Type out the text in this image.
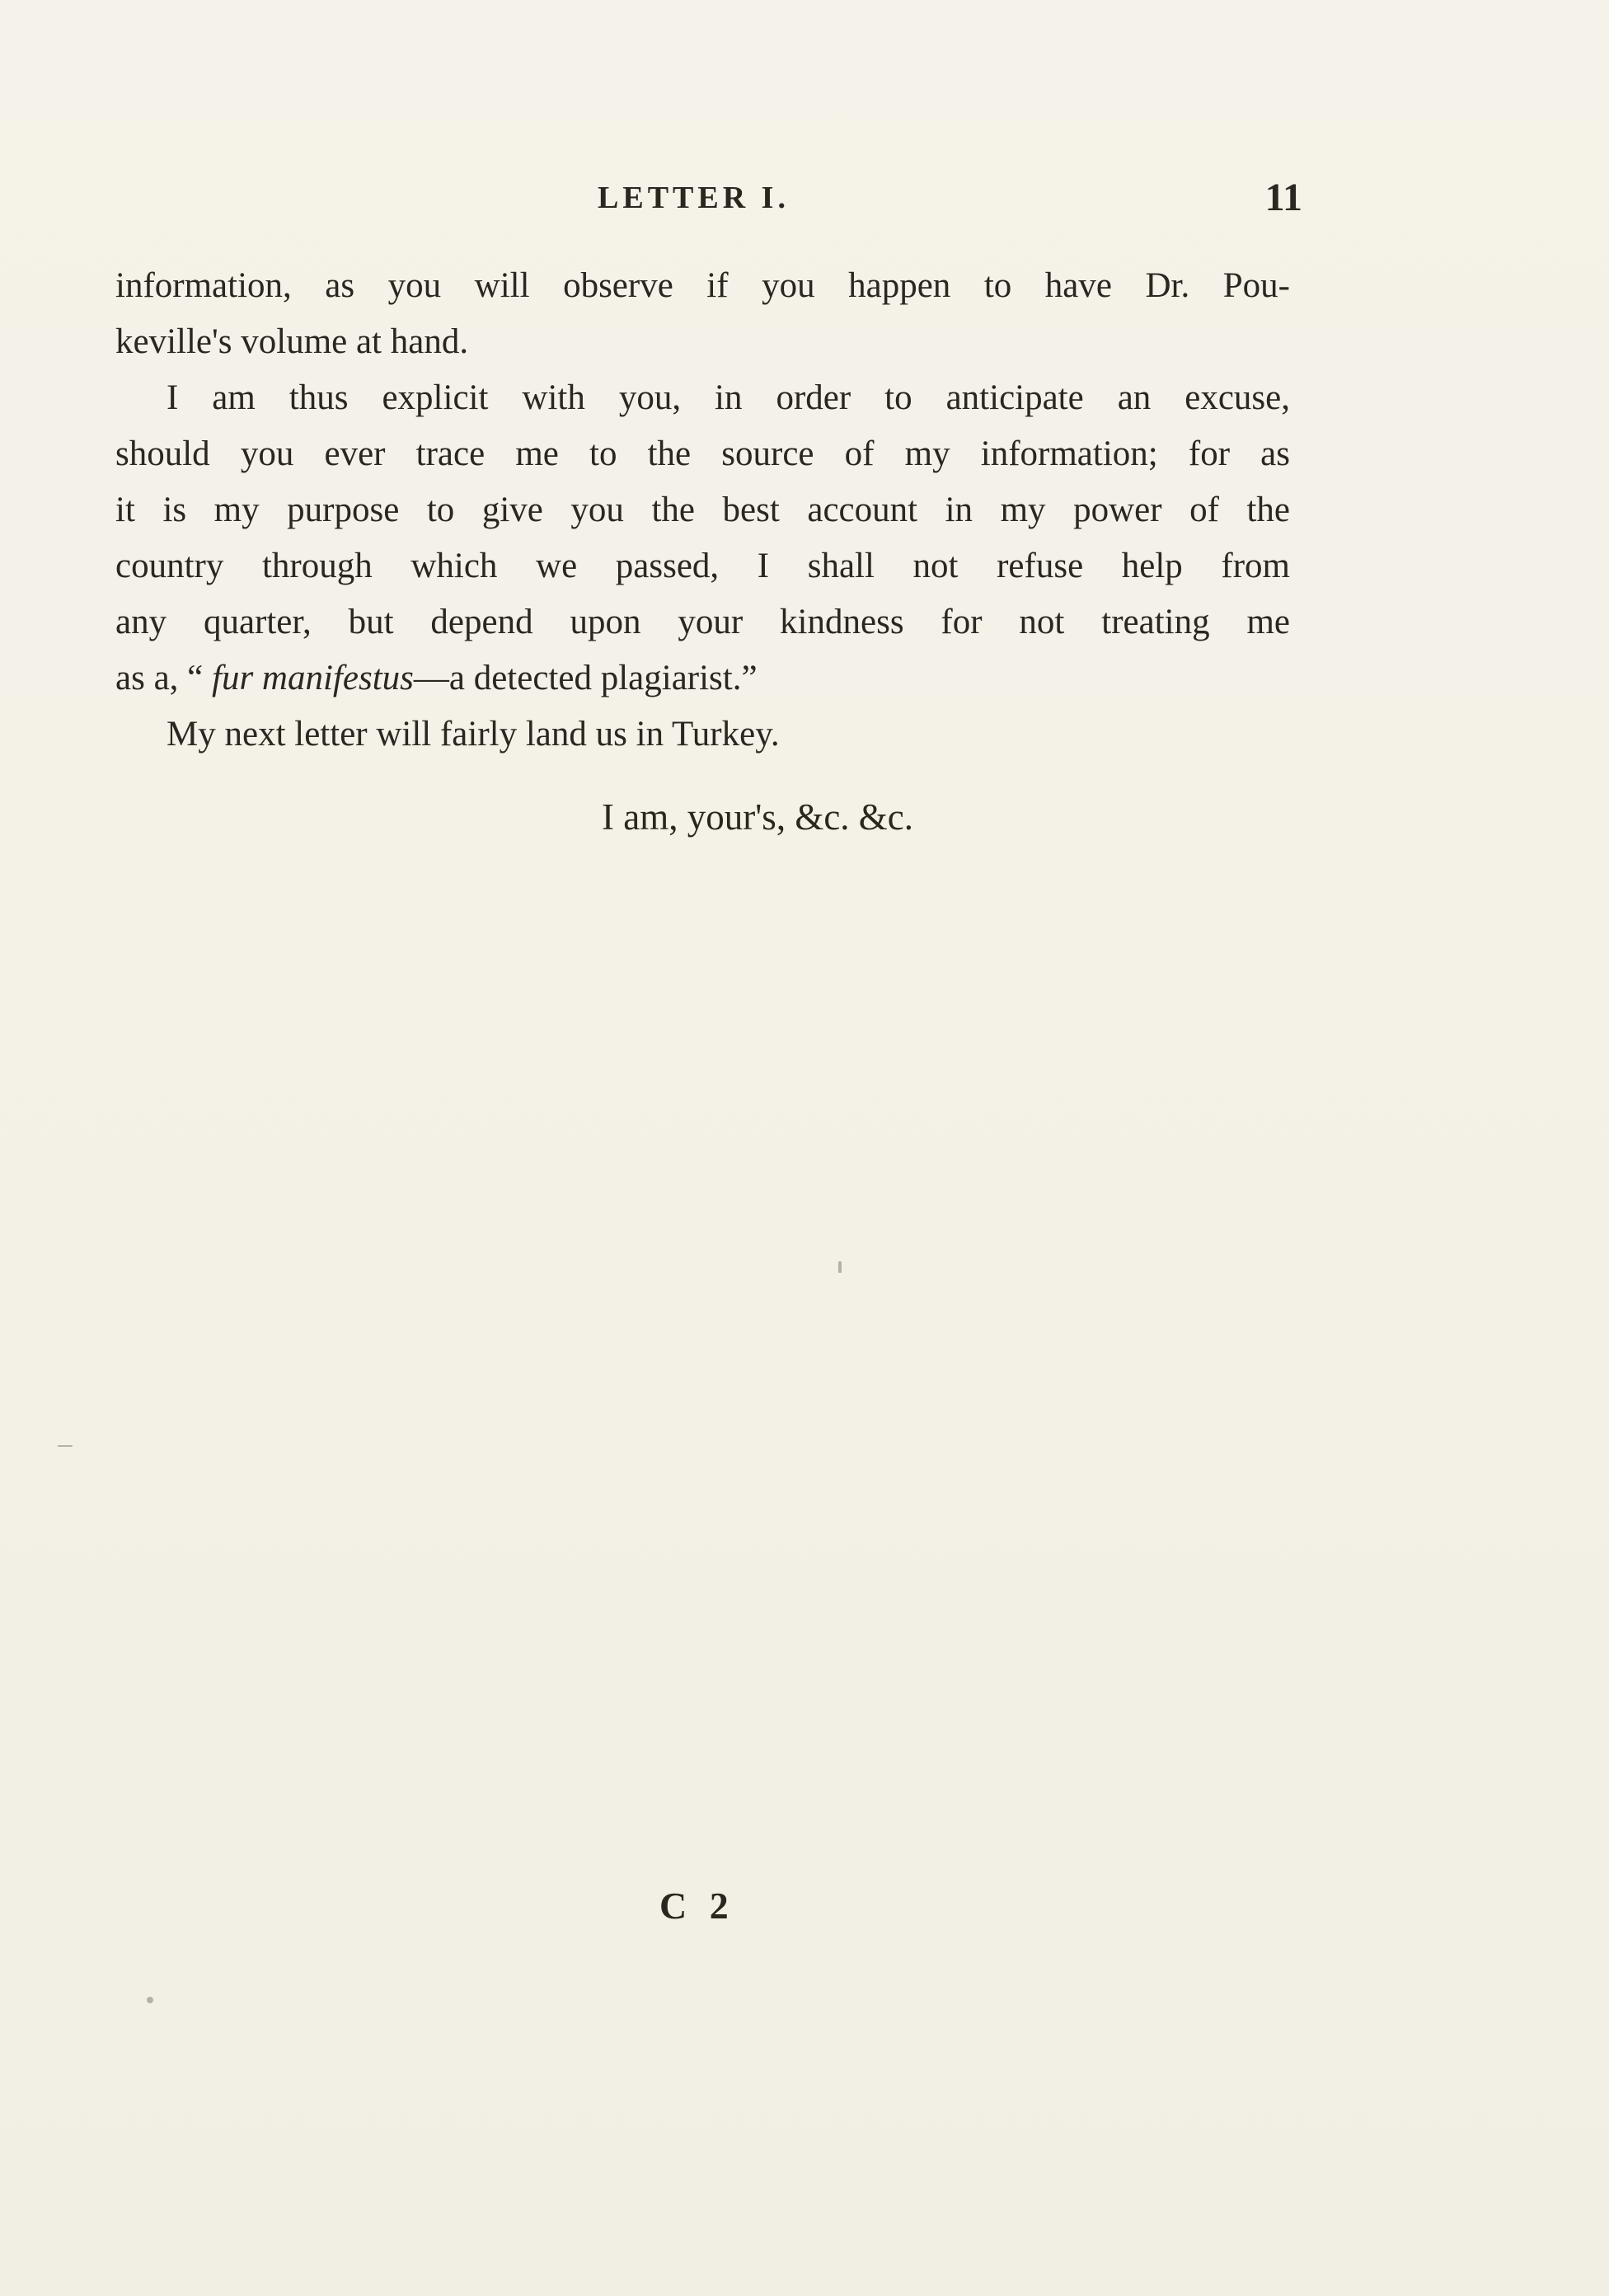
LETTER I.	11
information, as you will observe if you happen to have Dr. Pou-
keville's volume at hand.
I am thus explicit with you, in order to anticipate an excuse,
should you ever trace me to the source of my information; for as
it is my purpose to give you the best account in my power of the
country through which we passed, I shall not refuse help from
any quarter, but depend upon your kindness for not treating me
as a, “ fur manifestus—a detected plagiarist.”
My next letter will fairly land us in Turkey.
I am, your's, &c. &c.
C 2
